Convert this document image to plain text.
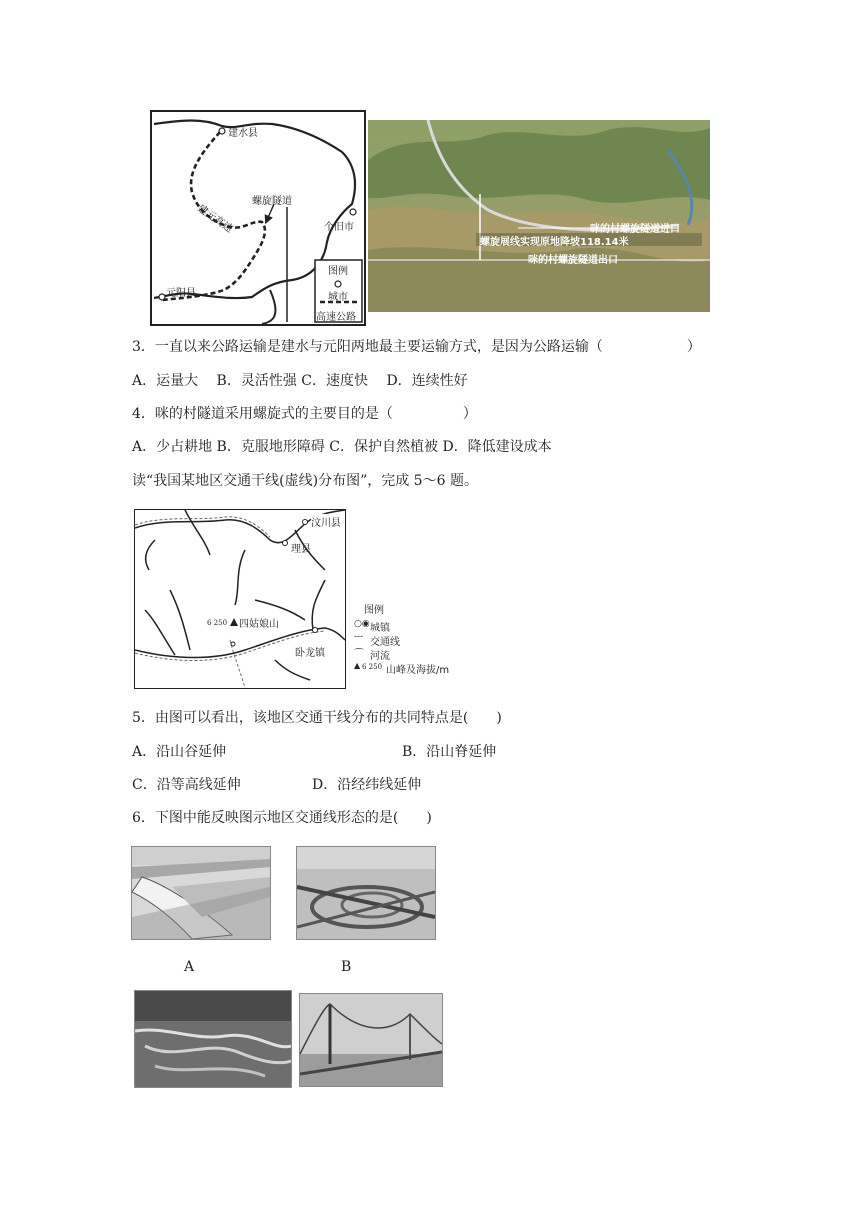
建水县
螺旋隧道
建元高速	个旧市
元阳县
图例
城市
高速公路
咪的村螺旋隧道进口
螺旋展线实现原地降坡118.14米
咪的村螺旋隧道出口
3．一直以来公路运输是建水与元阳两地最主要运输方式，是因为公路运输（　　　　　　）
A．运量大　 B．灵活性强 C．速度快　 D．连续性好
4．咪的村隧道采用螺旋式的主要目的是（　　　　　）
A．少占耕地 B．克服地形障碍 C．保护自然植被 D．降低建设成本
读“我国某地区交通干线(虚线)分布图”，完成 5～6 题。
汶川县
理县
6 250 四姑娘山
卧龙镇
图例
○◉ 城镇
--- 交通线
⌒ 河流
▲ 6 250 山峰及海拔/m
5．由图可以看出，该地区交通干线分布的共同特点是(　　)
A．沿山谷延伸	B．沿山脊延伸
C．沿等高线延伸	D．沿经纬线延伸
6．下图中能反映图示地区交通线形态的是(　　)
A	B
